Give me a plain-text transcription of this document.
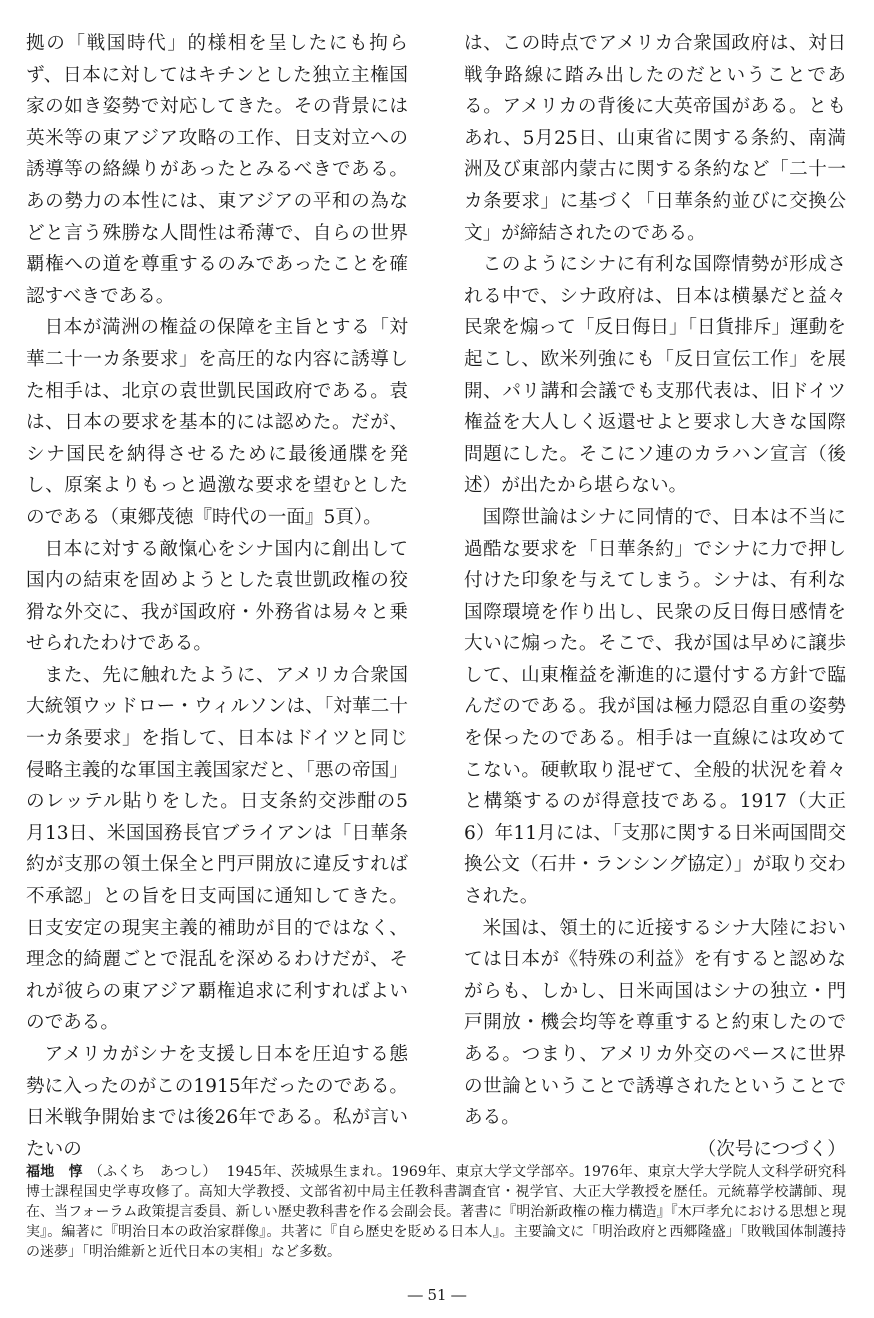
拠の「戦国時代」的様相を呈したにも拘らず、日本に対してはキチンとした独立主権国家の如き姿勢で対応してきた。その背景には英米等の東アジア攻略の工作、日支対立への誘導等の絡繰りがあったとみるべきである。あの勢力の本性には、東アジアの平和の為などと言う殊勝な人間性は希薄で、自らの世界覇権への道を尊重するのみであったことを確認すべきである。

日本が満洲の権益の保障を主旨とする「対華二十一カ条要求」を高圧的な内容に誘導した相手は、北京の袁世凱民国政府である。袁は、日本の要求を基本的には認めた。だが、シナ国民を納得させるために最後通牒を発し、原案よりもっと過激な要求を望むとしたのである（東郷茂徳『時代の一面』5頁）。

日本に対する敵愾心をシナ国内に創出して国内の結束を固めようとした袁世凱政権の狡猾な外交に、我が国政府・外務省は易々と乗せられたわけである。

また、先に触れたように、アメリカ合衆国大統領ウッドロー・ウィルソンは、「対華二十一カ条要求」を指して、日本はドイツと同じ侵略主義的な軍国主義国家だと、「悪の帝国」のレッテル貼りをした。日支条約交渉酣の5月13日、米国国務長官ブライアンは「日華条約が支那の領土保全と門戸開放に違反すれば不承認」との旨を日支両国に通知してきた。日支安定の現実主義的補助が目的ではなく、理念的綺麗ごとで混乱を深めるわけだが、それが彼らの東アジア覇権追求に利すればよいのである。

アメリカがシナを支援し日本を圧迫する態勢に入ったのがこの1915年だったのである。日米戦争開始までは後26年である。私が言いたいの

は、この時点でアメリカ合衆国政府は、対日戦争路線に踏み出したのだということである。アメリカの背後に大英帝国がある。ともあれ、5月25日、山東省に関する条約、南満洲及び東部内蒙古に関する条約など「二十一カ条要求」に基づく「日華条約並びに交換公文」が締結されたのである。

このようにシナに有利な国際情勢が形成される中で、シナ政府は、日本は横暴だと益々民衆を煽って「反日侮日」「日貨排斥」運動を起こし、欧米列強にも「反日宣伝工作」を展開、パリ講和会議でも支那代表は、旧ドイツ権益を大人しく返還せよと要求し大きな国際問題にした。そこにソ連のカラハン宣言（後述）が出たから堪らない。

国際世論はシナに同情的で、日本は不当に過酷な要求を「日華条約」でシナに力で押し付けた印象を与えてしまう。シナは、有利な国際環境を作り出し、民衆の反日侮日感情を大いに煽った。そこで、我が国は早めに譲歩して、山東権益を漸進的に還付する方針で臨んだのである。我が国は極力隠忍自重の姿勢を保ったのである。相手は一直線には攻めてこない。硬軟取り混ぜて、全般的状況を着々と構築するのが得意技である。1917（大正6）年11月には、「支那に関する日米両国間交換公文（石井・ランシング協定）」が取り交わされた。

米国は、領土的に近接するシナ大陸においては日本が《特殊の利益》を有すると認めながらも、しかし、日米両国はシナの独立・門戸開放・機会均等を尊重すると約束したのである。つまり、アメリカ外交のペースに世界の世論ということで誘導されたということである。

（次号につづく）

福地　惇 （ふくち　あつし） 1945年、茨城県生まれ。1969年、東京大学文学部卒。1976年、東京大学大学院人文科学研究科博士課程国史学専攻修了。高知大学教授、文部省初中局主任教科書調査官・視学官、大正大学教授を歴任。元統幕学校講師、現在、当フォーラム政策提言委員、新しい歴史教科書を作る会副会長。著書に『明治新政権の権力構造』『木戸孝允における思想と現実』。編著に『明治日本の政治家群像』。共著に『自ら歴史を貶める日本人』。主要論文に「明治政府と西郷隆盛」「敗戦国体制護持の迷夢」「明治維新と近代日本の実相」など多数。
― 51 ―
